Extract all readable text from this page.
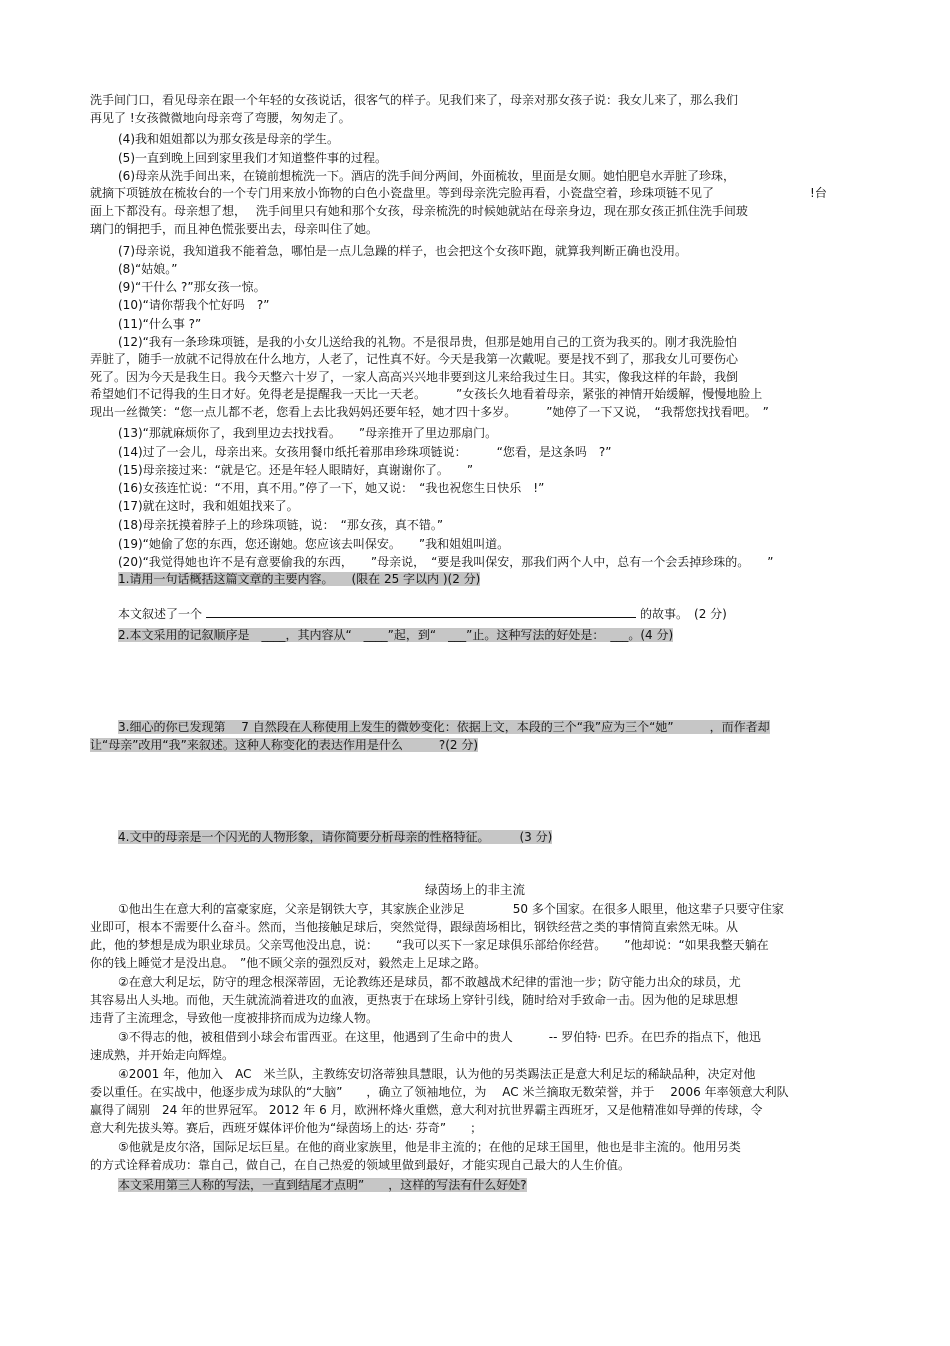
洗手间门口，看见母亲在跟一个年轻的女孩说话，很客气的样子。见我们来了，母亲对那女孩子说：我女儿来了，那么我们
再见了 !女孩微微地向母亲弯了弯腰，匆匆走了。
(4)我和姐姐都以为那女孩是母亲的学生。
(5)一直到晚上回到家里我们才知道整件事的过程。
(6)母亲从洗手间出来，在镜前想梳洗一下。酒店的洗手间分两间，外面梳妆，里面是女厕。她怕肥皂水弄脏了珍珠，
就摘下项链放在梳妆台的一个专门用来放小饰物的白色小瓷盘里。等到母亲洗完脸再看，小瓷盘空着，珍珠项链不见了　　　　　　　　!台
面上下都没有。母亲想了想，　 洗手间里只有她和那个女孩，母亲梳洗的时候她就站在母亲身边，现在那女孩正抓住洗手间玻
璃门的铜把手，而且神色慌张要出去，母亲叫住了她。
(7)母亲说，我知道我不能着急，哪怕是一点儿急躁的样子，也会把这个女孩吓跑，就算我判断正确也没用。
(8)“姑娘。”
(9)“干什么 ?”那女孩一惊。
(10)“请你帮我个忙好吗　?”
(11)“什么事 ?”
(12)“我有一条珍珠项链，是我的小女儿送给我的礼物。不是很昂贵，但那是她用自己的工资为我买的。刚才我洗脸怕
弄脏了，随手一放就不记得放在什么地方，人老了，记性真不好。今天是我第一次戴呢。要是找不到了，那我女儿可要伤心
死了。因为今天是我生日。我今天整六十岁了，一家人高高兴兴地非要到这儿来给我过生日。其实，像我这样的年龄，我倒
希望她们不记得我的生日才好。免得老是提醒我一天比一天老。　　　”女孩长久地看着母亲，紧张的神情开始缓解，慢慢地脸上
现出一丝微笑：“您一点儿都不老，您看上去比我妈妈还要年轻，她才四十多岁。　　　”她停了一下又说，　“我帮您找找看吧。　”
(13)“那就麻烦你了，我到里边去找找看。　　”母亲推开了里边那扇门。
(14)过了一会儿，母亲出来。女孩用餐巾纸托着那串珍珠项链说：　　　“您看，是这条吗　?”
(15)母亲接过来：“就是它。还是年轻人眼睛好，真谢谢你了。　　”
(16)女孩连忙说：“不用，真不用。”停了一下，她又说：　“我也祝您生日快乐　!”
(17)就在这时，我和姐姐找来了。
(18)母亲抚摸着脖子上的珍珠项链，说：　“那女孩，真不错。”
(19)“她偷了您的东西，您还谢她。您应该去叫保安。　　”我和姐姐叫道。
(20)“我觉得她也许不是有意要偷我的东西，　　”母亲说，　“要是我叫保安，那我们两个人中，总有一个会丢掉珍珠的。　　”
1.请用一句话概括这篇文章的主要内容。　　(限在 25 字以内 )(2 分)
本文叙述了一个	的故事。　(2 分)
2.本文采用的记叙顺序是　____，其内容从“　____”起，到“　___”止。这种写法的好处是：　___。(4 分)
3.细心的你已发现第　 7 自然段在人称使用上发生的微妙变化：依据上文，本段的三个“我”应为三个“她”　　　，而作者却
让“母亲”改用“我”来叙述。这种人称变化的表达作用是什么　　　?(2 分)
4.文中的母亲是一个闪光的人物形象，请你简要分析母亲的性格特征。　　　(3 分)
绿茵场上的非主流
①他出生在意大利的富豪家庭，父亲是钢铁大亨，其家族企业涉足　　　　50 多个国家。在很多人眼里，他这辈子只要守住家
业即可，根本不需要什么奋斗。然而，当他接触足球后，突然觉得，跟绿茵场相比，钢铁经营之类的事情简直索然无味。从
此，他的梦想是成为职业球员。父亲骂他没出息，说：　　“我可以买下一家足球俱乐部给你经营。　　”他却说：“如果我整天躺在
你的钱上睡觉才是没出息。　”他不顾父亲的强烈反对，毅然走上足球之路。
②在意大利足坛，防守的理念根深蒂固，无论教练还是球员，都不敢越战术纪律的雷池一步；防守能力出众的球员，尤
其容易出人头地。而他，天生就流淌着进攻的血液，更热衷于在球场上穿针引线，随时给对手致命一击。因为他的足球思想
违背了主流理念，导致他一度被排挤而成为边缘人物。
③不得志的他，被租借到小球会布雷西亚。在这里，他遇到了生命中的贵人　　　-- 罗伯特· 巴乔。在巴乔的指点下，他迅
速成熟，并开始走向辉煌。
④2001 年，他加入　AC　米兰队，主教练安切洛蒂独具慧眼，认为他的另类踢法正是意大利足坛的稀缺品种，决定对他
委以重任。在实战中，他逐步成为球队的“大脑”　　，确立了领袖地位，为　 AC 米兰摘取无数荣誉，并于　 2006 年率领意大利队
赢得了阔别　24 年的世界冠军。 2012 年 6 月，欧洲杯烽火重燃，意大利对抗世界霸主西班牙，又是他精准如导弹的传球，令
意大利先拔头筹。赛后，西班牙媒体评价他为“绿茵场上的达· 芬奇”　　；
⑤他就是皮尔洛，国际足坛巨星。在他的商业家族里，他是非主流的；在他的足球王国里，他也是非主流的。他用另类
的方式诠释着成功：靠自己，做自己，在自己热爱的领域里做到最好，才能实现自己最大的人生价值。
本文采用第三人称的写法，一直到结尾才点明”　　，这样的写法有什么好处?
